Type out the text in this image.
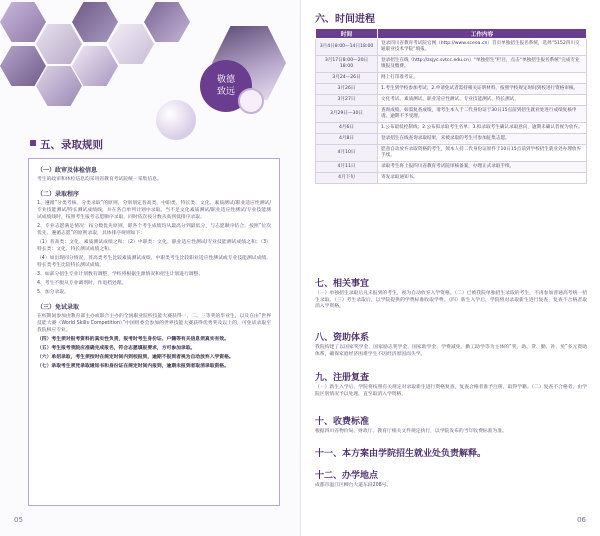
敬德
致远
五、录取规则
（一）政审及体检信息
考生的政审和体检信息均采用省教育考试院统一采集信息。
（二）录取程序
1、遵循“分类考核、分类录取”的原则，分别划定普高类、中职类、特长类、文化、素质测试/职业适应性测试/专业技能测试/特长测试成绩线，并在各自单列计划中录取。当不足文化素质测试/职业适应性测试/专业技能测试成绩线时，按照考生报考志愿顺序录取，同时依次按分数从高到低排序录取。
2、专业志愿满足情况：按分数优先原则，即各个考生成绩均从最高分到最低分，与志愿顺序结合，按照“位次优先、遵循志愿”的原则录取，具体排序规则如下：
（1）普高类：文化、素质测试成绩之和；（2）中职类：文化、职业适应性测试/专业技能测试成绩之和；（3）特长类：文化、特长测试成绩之和。
（4）如出现同分情况，普高类考生比较素质测试成绩，中职类考生比较职业适应性测试或专业技能测试成绩，特长类考生比较特长测试成绩。
3、如部分招生专业计划数有调整，学校将根据生源情况和招生计划进行调整。
4、考生不服从专业调剂时，作退档处理。
5、加分录取。
（三）免试录取
在校期间参加由教育部主办或联合主办的全国职业院校技能大赛获得一、二、三等奖的毕业生，以及在由“世界技能大赛（World Skills Competition）”中国组委会参加的世界技能大赛获得优秀奖及以上的，可免试录取至我院相应专业。
（四）考生须对报考资料的真实性负责，报考时考生身份证、户籍等有关信息须真实有效。
（五）考生报考我院应准确完成报名，符合志愿填报要求，方可参加录取。
（六）单招录取，考生须按时在规定时间内到校报到，逾期不报到者视为自动放弃入学资格。
（七）录取考生须凭录取通知书和身份证在规定时间内报到，逾期未报到者取消录取资格。
05
六、时间进程
时间	工作内容
3月4日8:00—14日18:00	登录四川省教育考试院官网（http://www.sceea.cn）首页单独招生报名系统，选择“5152四川交通职业技术学院”填报。
3月17日8:00—20日18:00	登录招生在线（http://zsjyc.svtcc.edu.cn）“单独招生”栏目，点击“单独招生报名系统”完成专业填报及缴费。
3月24—26日	网上打印准考证。
3月26日	1.考生到学校参加考试；2.申请免试者需持相关证明材料，按照学校规定时间到校进行资格审核。
3月27日	文化考试、素质测试、职业适应性测试、专业技能测试、特长测试。
3月29日—30日	查询成绩。如需复查成绩，请考生本人于二代身份证于30日15点前到招生就业处进行成绩复核申请。逾期不予受理。
4月6日	1.公布最低控制线；2.公布拟录取考生名单；3.拟录取考生确认录取意向，逾期未确认者视为放弃。
4月8日	登录招生在线查询录取结果，未被录取的考生可参加征集志愿。
4月10日	愿意自动放弃录取资格的考生，须本人持二代身份证原件于10日15点前到学校招生就业处办理放弃手续。
4月11日	录取考生将上报四川省教育考试院审核备案，办理正式录取手续。
4月下旬	寄发录取通知书。
七、相关事宜
（一）单独招生录取后凡未报到的考生，视为自动放弃入学资格。（二）已被我院单独招生录取的考生，不再参加普通高考统一招生录取。（三）考生录取后，以学院提供的学费标准收取学费。（四）新生入学后，学院将对录取新生进行复查，复查不合格者取消入学资格。
八、资助体系
我院构建了以国家奖学金、国家励志奖学金、国家助学金、学费减免、勤工助学等为主体的“奖、助、贷、勤、补、免”多元资助体系，确保家庭经济困难学生不因经济原因而失学。
九、注册复查
（一）新生入学后，学院将按照有关规定对录取新生进行资格复查，复查合格者准予注册，取得学籍。（二）复查不合格者，由学院区别情况予以处理，直至取消入学资格。
十、收费标准
根据四川省物价局、财政厅、教育厅相关文件规定执行，以学院发布的当年收费标准为准。
十一、本方案由学院招生就业处负责解释。
十二、办学地点
成都市温江区柳台大道东段208号。
06
